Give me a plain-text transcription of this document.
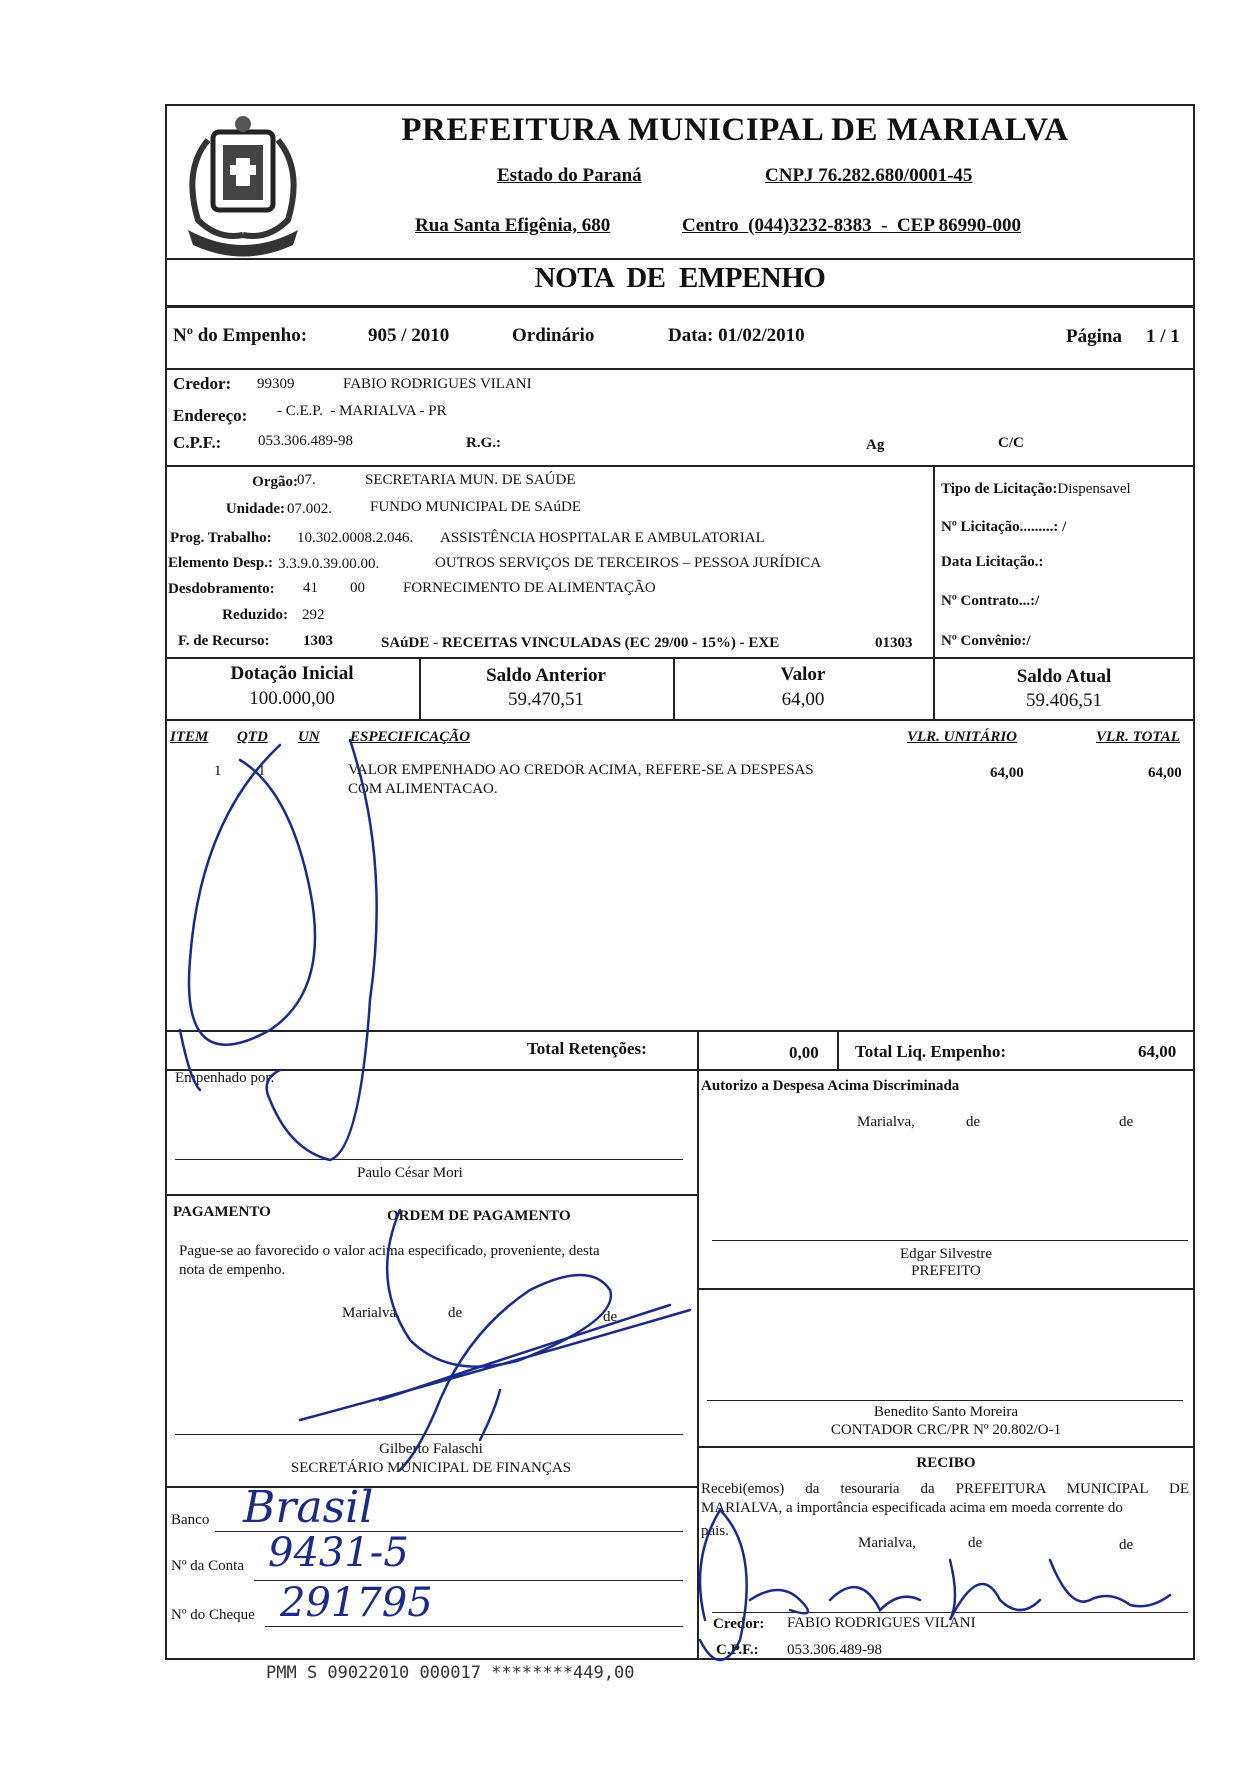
PREFEITURA MUNICIPAL DE MARIALVA
Estado do Paraná	CNPJ 76.282.680/0001-45
Rua Santa Efigênia, 680	Centro  (044)3232-8383  -  CEP 86990-000
NOTA  DE  EMPENHO
Nº do Empenho:	905 / 2010	Ordinário	Data: 01/02/2010	Página 1 / 1
Credor: 99309	FABIO RODRIGUES VILANI
Endereço: - C.E.P.  - MARIALVA - PR
C.P.F.: 053.306.489-98	R.G.:	Ag	C/C
Orgão: 07.	SECRETARIA MUN. DE SAÚDE
Unidade: 07.002.	FUNDO MUNICIPAL DE SAúDE
Prog. Trabalho: 10.302.0008.2.046. ASSISTÊNCIA HOSPITALAR E AMBULATORIAL
Elemento Desp.: 3.3.9.0.39.00.00.	OUTROS SERVIÇOS DE TERCEIROS – PESSOA JURÍDICA
Desdobramento: 41 00	FORNECIMENTO DE ALIMENTAÇÃO
Reduzido: 292
F. de Recurso: 1303	SAúDE - RECEITAS VINCULADAS (EC 29/00 - 15%) - EXE	01303
Tipo de Licitação:Dispensavel
Nº Licitação.........: /
Data Licitação.:
Nº Contrato...:/
Nº Convênio:/
Dotação Inicial
100.000,00
Saldo Anterior
59.470,51
Valor
64,00
Saldo Atual
59.406,51
ITEM QTD UN ESPECIFICAÇÃO	VLR. UNITÁRIO	VLR. TOTAL
1 1	VALOR EMPENHADO AO CREDOR ACIMA, REFERE-SE A DESPESAS
COM ALIMENTACAO.
64,00	64,00
Total Retenções:	0,00 Total Liq. Empenho:	64,00
Empenhado por:
Paulo César Mori
Autorizo a Despesa Acima Discriminada
Marialva,	de	de
Edgar Silvestre
PREFEITO
PAGAMENTO	ORDEM DE PAGAMENTO
Pague-se ao favorecido o valor acima especificado, proveniente, desta
nota de empenho.
Marialva,	de	de
Gilberto Falaschi
SECRETÁRIO MUNICIPAL DE FINANÇAS
Benedito Santo Moreira
CONTADOR CRC/PR Nº 20.802/O-1
Banco Brasil
Nº da Conta 9431-5
Nº do Cheque 291795
RECIBO
Recebi(emos) da tesouraria da PREFEITURA MUNICIPAL DE
MARIALVA, a importância especificada acima em moeda corrente do
pais.
Marialva,	de	de
Credor: FABIO RODRIGUES VILANI
C.P.F.: 053.306.489-98
PMM S 09022010 000017 ********449,00
